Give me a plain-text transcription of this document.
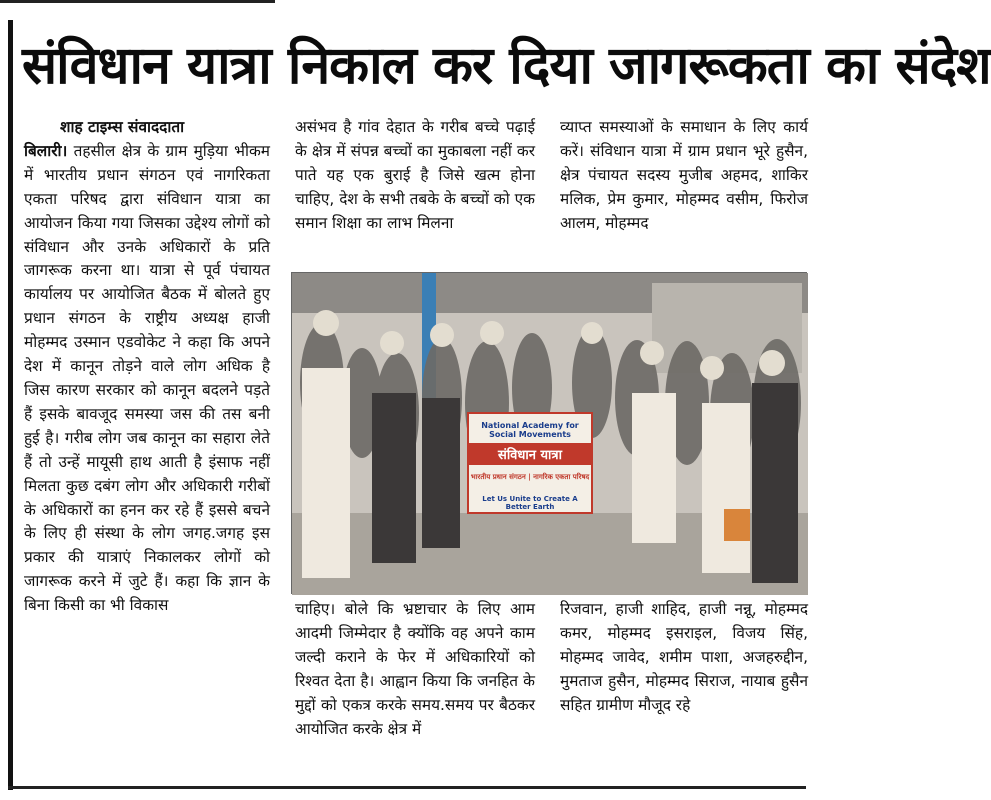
संविधान यात्रा निकाल कर दिया जागरूकता का संदेश
शाह टाइम्स संवाददाता

बिलारी। तहसील क्षेत्र के ग्राम मुड़िया भीकम में भारतीय प्रधान संगठन एवं नागरिकता एकता परिषद द्वारा संविधान यात्रा का आयोजन किया गया जिसका उद्देश्य लोगों को संविधान और उनके अधिकारों के प्रति जागरूक करना था। यात्रा से पूर्व पंचायत कार्यालय पर आयोजित बैठक में बोलते हुए प्रधान संगठन के राष्ट्रीय अध्यक्ष हाजी मोहम्मद उस्मान एडवोकेट ने कहा कि अपने देश में कानून तोड़ने वाले लोग अधिक है जिस कारण सरकार को कानून बदलने पड़ते हैं इसके बावजूद समस्या जस की तस बनी हुई है। गरीब लोग जब कानून का सहारा लेते हैं तो उन्हें मायूसी हाथ आती है इंसाफ नहीं मिलता कुछ दबंग लोग और अधिकारी गरीबों के अधिकारों का हनन कर रहे हैं इससे बचने के लिए ही संस्था के लोग जगह.जगह इस प्रकार की यात्राएं निकालकर लोगों को जागरूक करने में जुटे हैं। कहा कि ज्ञान के बिना किसी का भी विकास

असंभव है गांव देहात के गरीब बच्चे पढ़ाई के क्षेत्र में संपन्न बच्चों का मुकाबला नहीं कर पाते यह एक बुराई है जिसे खत्म होना चाहिए, देश के सभी तबके के बच्चों को एक समान शिक्षा का लाभ मिलना

व्याप्त समस्याओं के समाधान के लिए कार्य करें। संविधान यात्रा में ग्राम प्रधान भूरे हुसैन, क्षेत्र पंचायत सदस्य मुजीब अहमद, शाकिर मलिक, प्रेम कुमार, मोहम्मद वसीम, फिरोज आलम, मोहम्मद

National Academy for Social Movements
संविधान यात्रा
भारतीय प्रधान संगठन | नागरिक एकता परिषद
Let Us Unite to Create A Better Earth

चाहिए। बोले कि भ्रष्टाचार के लिए आम आदमी जिम्मेदार है क्योंकि वह अपने काम जल्दी कराने के फेर में अधिकारियों को रिश्वत देता है। आह्वान किया कि जनहित के मुद्दों को एकत्र करके समय.समय पर बैठकर आयोजित करके क्षेत्र में

रिजवान, हाजी शाहिद, हाजी नन्नू, मोहम्मद कमर, मोहम्मद इसराइल, विजय सिंह, मोहम्मद जावेद, शमीम पाशा, अजहरुद्दीन, मुमताज हुसैन, मोहम्मद सिराज, नायाब हुसैन सहित ग्रामीण मौजूद रहे
